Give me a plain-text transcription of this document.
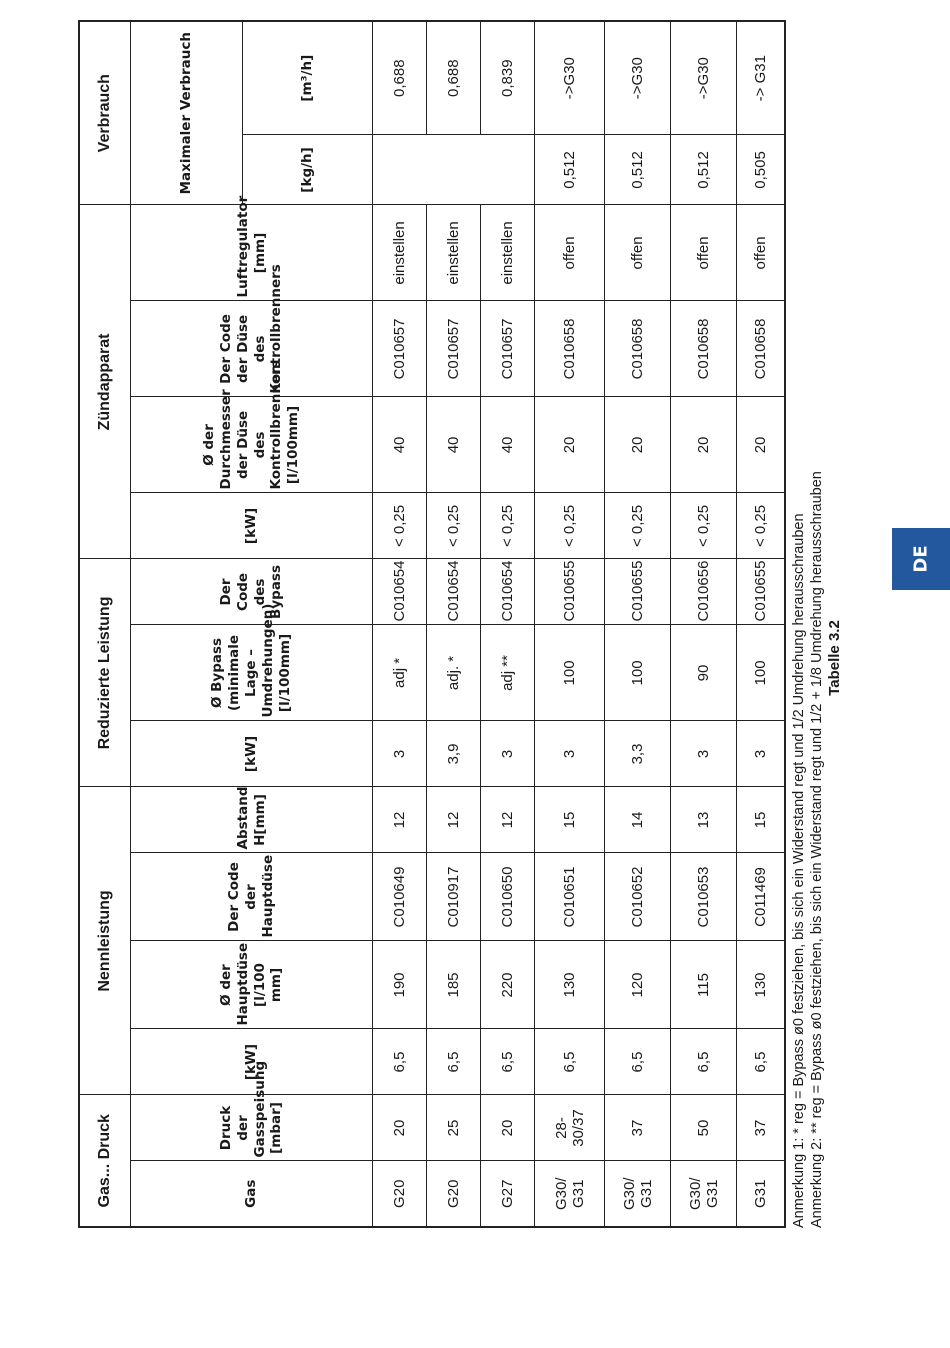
DE
Gas... Druck		Nennleistung				Reduzierte Leistung			Zündapparat				Verbrauch	
Gas	Druck der Gasspeisung [mbar]	[kW]	Ø der Hauptdüse [l/100 mm]	Der Code der Hauptdüse	Abstand H[mm]	[kW]	Ø Bypass (minimale Lage – Umdrehungen) [l/100mm]	Der Code des Bypass	[kW]	Ø der Durchmesser der Düse des Kontrollbrenners [l/100mm]	Der Code der Düse des Kontrollbrenners	Luftregulator [mm]	Maximaler Verbrauch	
													[kg/h]	[m³/h]
G20	20	6,5	190	C010649	12	3	adj *	C010654	< 0,25	40	C010657	einstellen		0,688
G20	25	6,5	185	C010917	12	3,9	adj. *	C010654	< 0,25	40	C010657	einstellen		0,688
G27	20	6,5	220	C010650	12	3	adj **	C010654	< 0,25	40	C010657	einstellen		0,839
G30/ G31	28-30/37	6,5	130	C010651	15	3	100	C010655	< 0,25	20	C010658	offen	0,512	->G30
G30/ G31	37	6,5	120	C010652	14	3,3	100	C010655	< 0,25	20	C010658	offen	0,512	->G30
G30/ G31	50	6,5	115	C010653	13	3	90	C010656	< 0,25	20	C010658	offen	0,512	->G30
G31	37	6,5	130	C011469	15	3	100	C010655	< 0,25	20	C010658	offen	0,505	-> G31
Anmerkung 1: * reg = Bypass ø0 festziehen, bis sich ein Widerstand regt und 1/2 Umdrehung herausschrauben Anmerkung 2: ** reg = Bypass ø0 festziehen, bis sich ein Widerstand regt und 1/2 + 1/8 Umdrehung herausschrauben Tabelle 3.2
